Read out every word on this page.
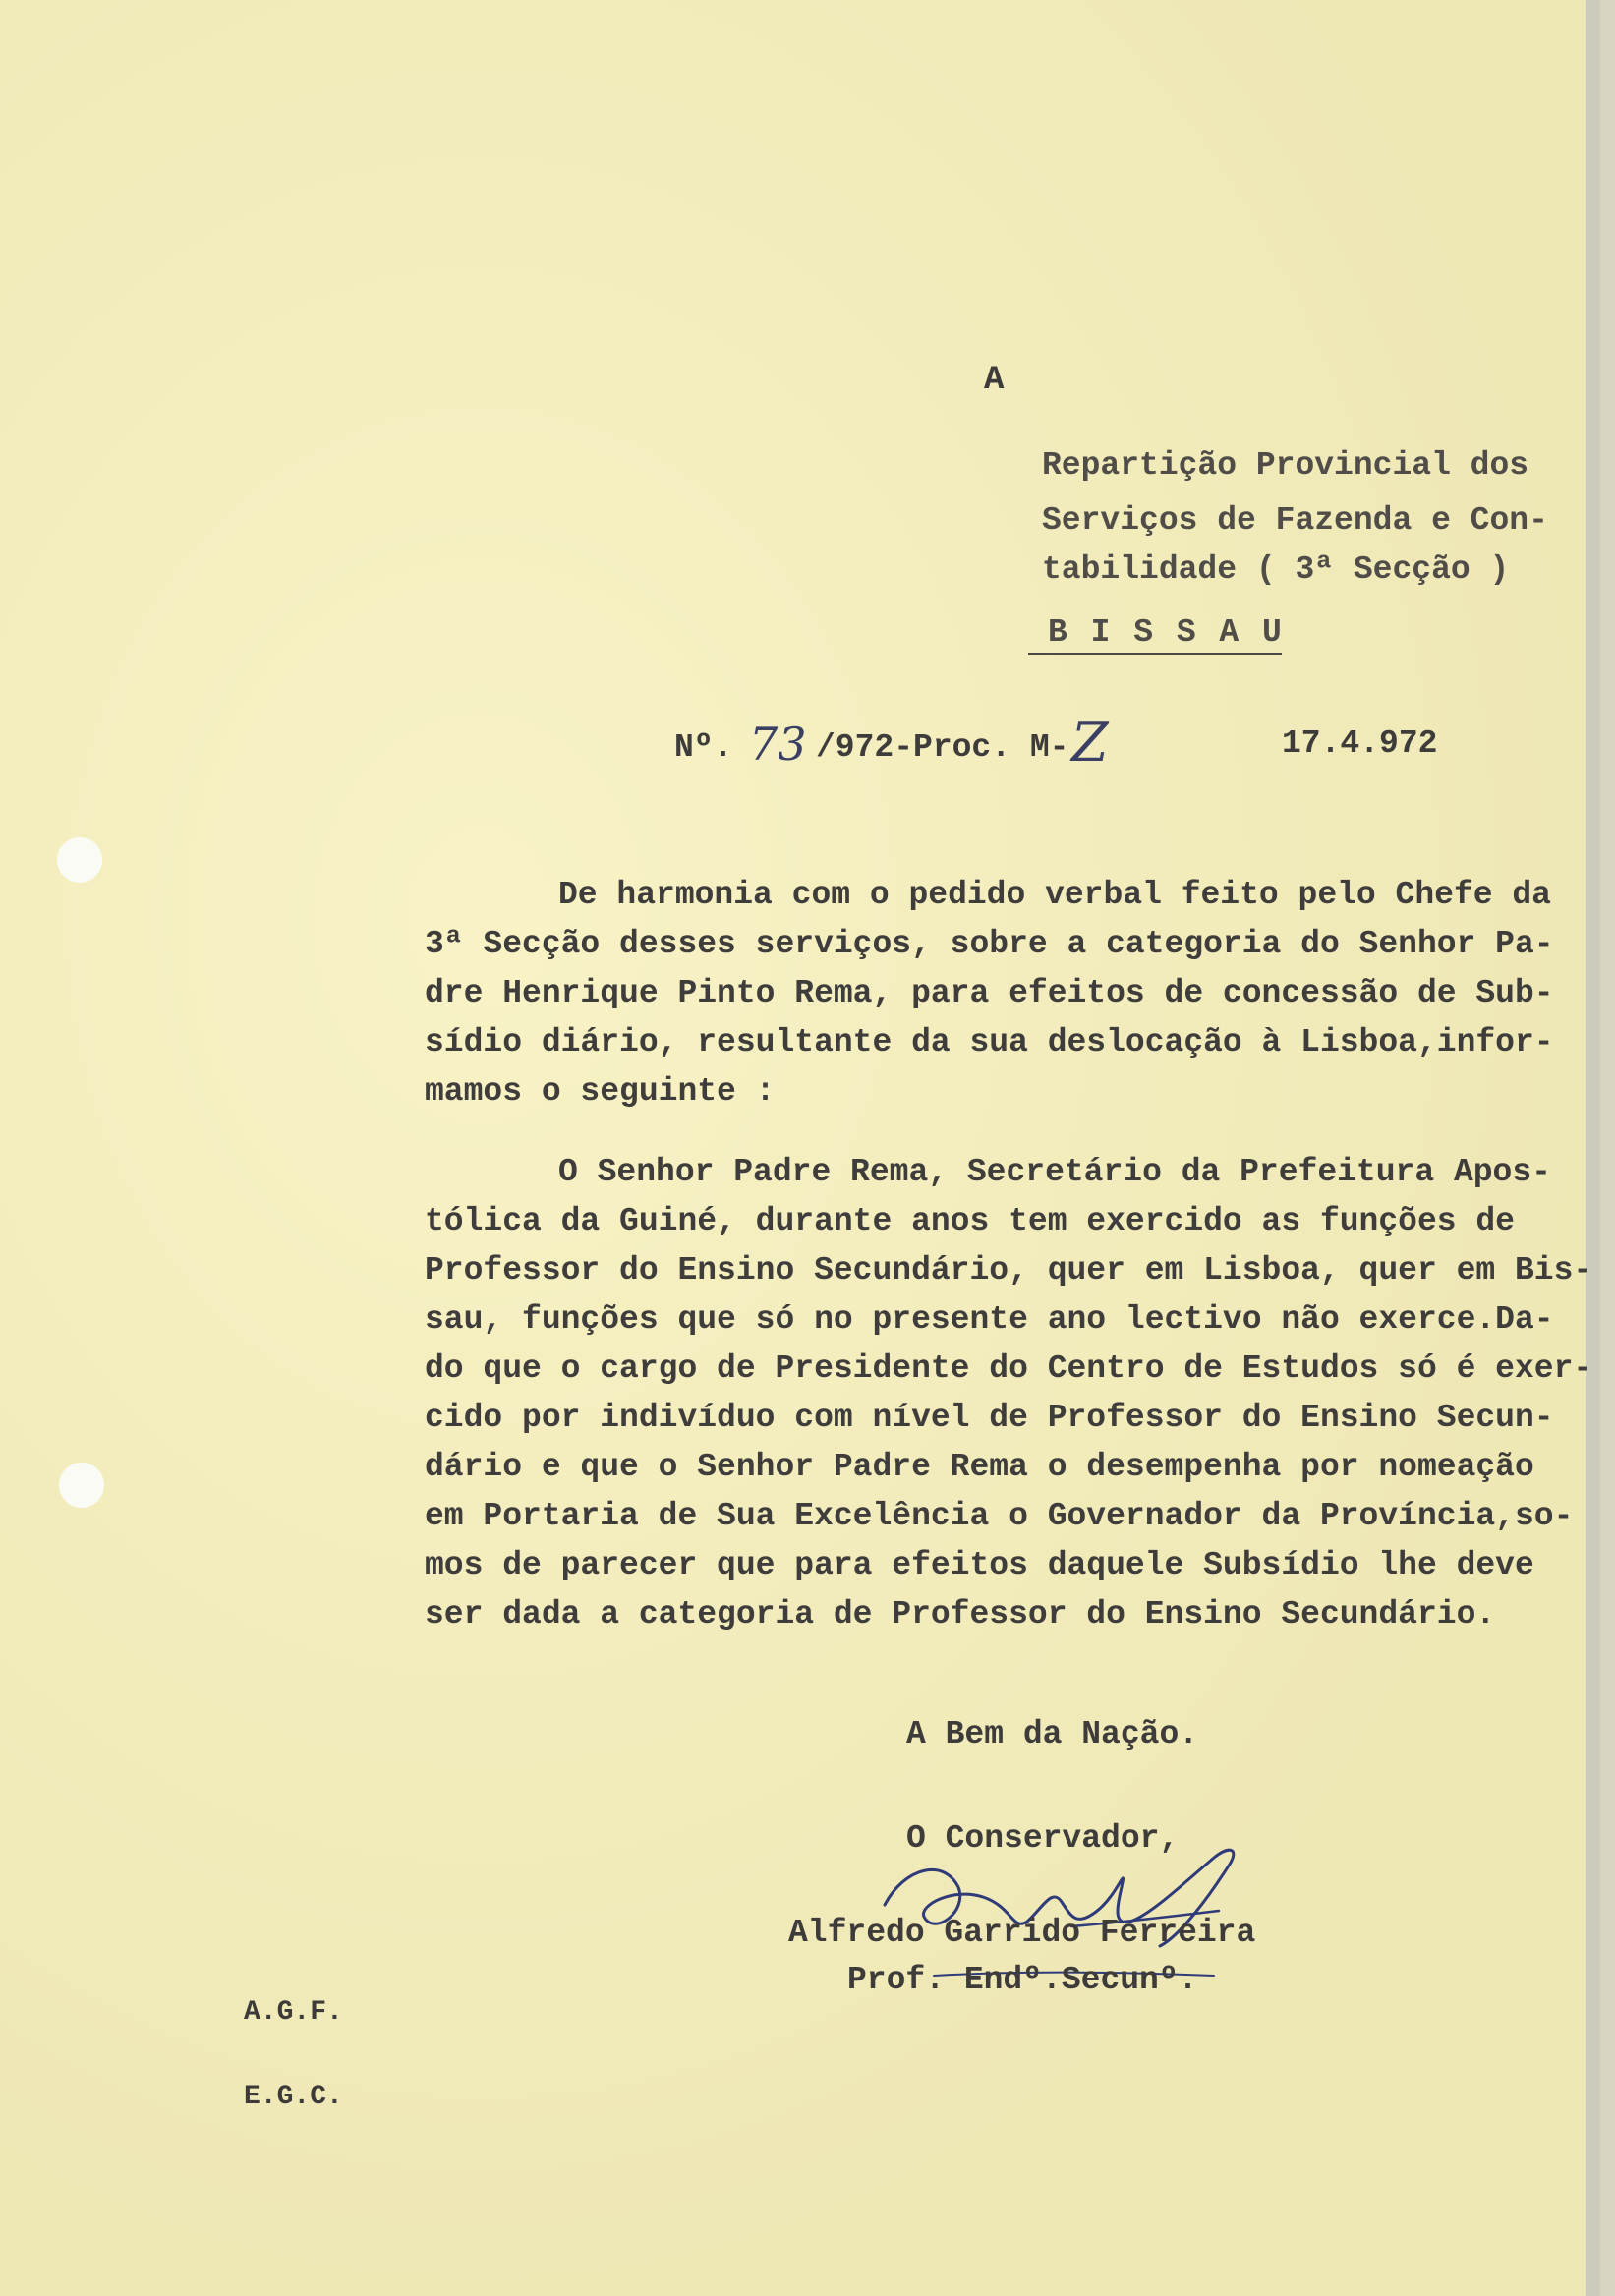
A
Repartição Provincial dos
Serviços de Fazenda e Con-
tabilidade ( 3ª Secção )
B I S S A U
Nº. 73 /972-Proc. M- Z	17.4.972
De harmonia com o pedido verbal feito pelo Chefe da
3ª Secção desses serviços, sobre a categoria do Senhor Pa-
dre Henrique Pinto Rema, para efeitos de concessão de Sub-
sídio diário, resultante da sua deslocação à Lisboa,infor-
mamos o seguinte :
O Senhor Padre Rema, Secretário da Prefeitura Apos-
tólica da Guiné, durante anos tem exercido as funções de
Professor do Ensino Secundário, quer em Lisboa, quer em Bis-
sau, funções que só no presente ano lectivo não exerce.Da-
do que o cargo de Presidente do Centro de Estudos só é exer-
cido por indivíduo com nível de Professor do Ensino Secun-
dário e que o Senhor Padre Rema o desempenha por nomeação
em Portaria de Sua Excelência o Governador da Província,so-
mos de parecer que para efeitos daquele Subsídio lhe deve
ser dada a categoria de Professor do Ensino Secundário.
A Bem da Nação.
O Conservador,
Alfredo Garrido Ferreira
Prof. Endº.Secunº.
A.G.F.
E.G.C.
